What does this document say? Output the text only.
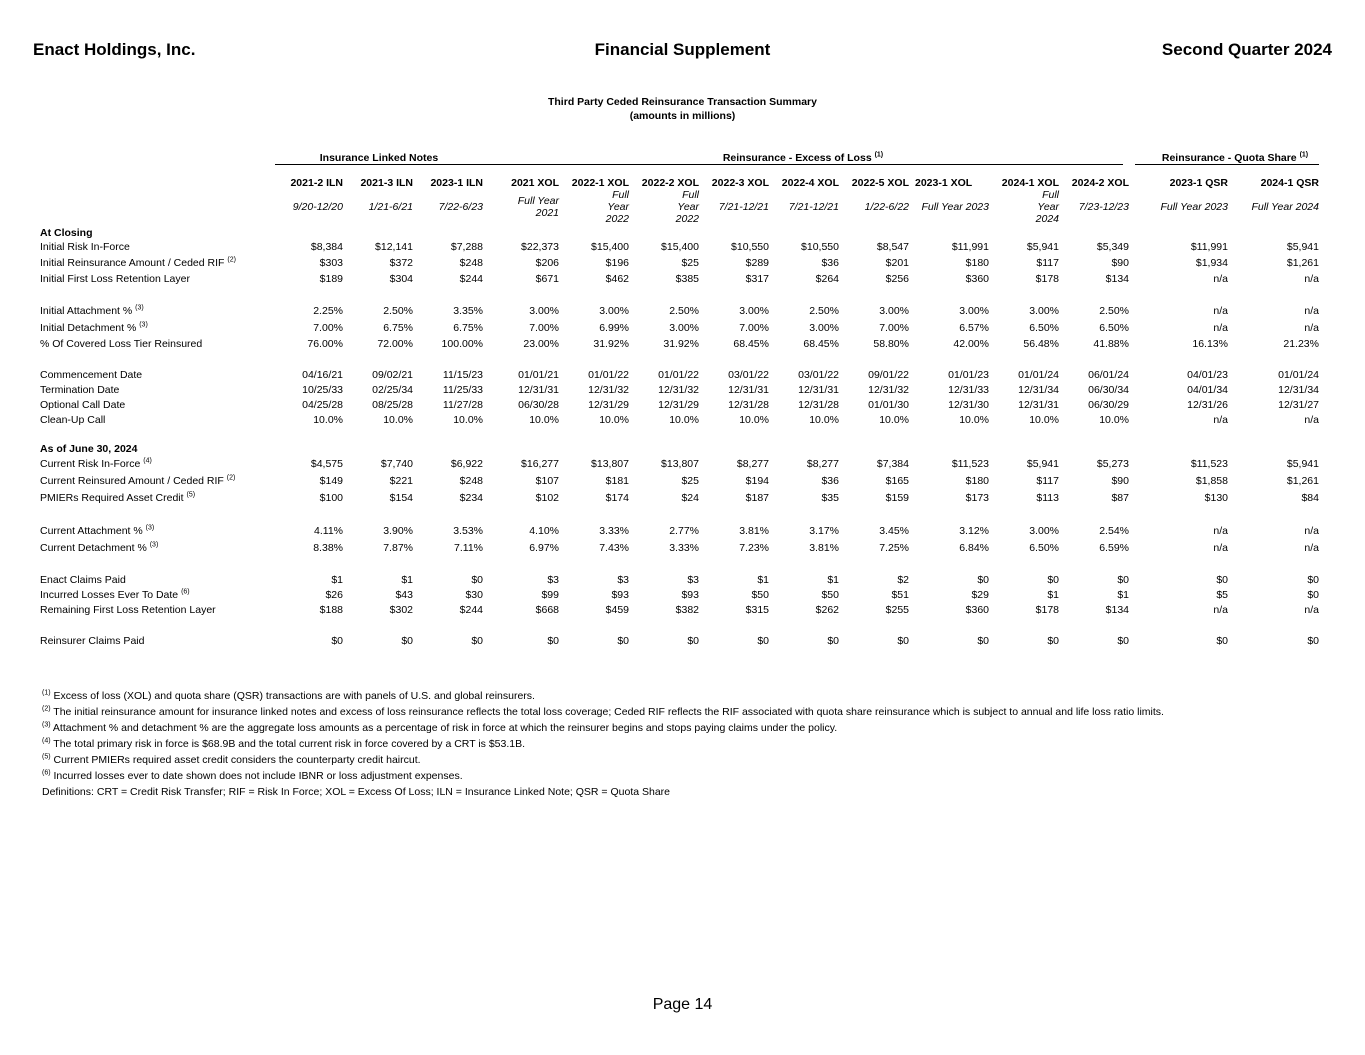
Financial Supplement
Enact Holdings, Inc.	Second Quarter 2024
Third Party Ceded Reinsurance Transaction Summary
(amounts in millions)
	Insurance Linked Notes			Reinsurance - Excess of Loss $^{(1)}$									Reinsurance - Quota Share $^{(1)}$
	2021-2 ILN	2021-3 ILN	2023-1 ILN	2021 XOL	2022-1 XOL	2022-2 XOL	2022-3 XOL	2022-4 XOL	2022-5 XOL	2023-1 XOL	2024-1 XOL	2024-2 XOL	2023-1 QSR	2024-1 QSR
	9/20-12/20	1/21-6/21	7/22-6/23	Full Year 2021	Full Year 2022	Full Year 2022	7/21-12/21	7/21-12/21	1/22-6/22	Full Year 2023	Full Year 2024	7/23-12/23	Full Year 2023	Full Year 2024
At Closing														
Initial Risk In-Force	$8,384	$12,141	$7,288	$22,373	$15,400	$15,400	$10,550	$10,550	$8,547	$11,991	$5,941	$5,349	$11,991	$5,941
Initial Reinsurance Amount / Ceded RIF $^{(2)}$	$303	$372	$248	$206	$196	$25	$289	$36	$201	$180	$117	$90	$1,934	$1,261
Initial First Loss Retention Layer	$189	$304	$244	$671	$462	$385	$317	$264	$256	$360	$178	$134	n/a	n/a

Initial Attachment % $^{(3)}$	2.25%	2.50%	3.35%	3.00%	3.00%	2.50%	3.00%	2.50%	3.00%	3.00%	3.00%	2.50%	n/a	n/a
Initial Detachment % $^{(3)}$	7.00%	6.75%	6.75%	7.00%	6.99%	3.00%	7.00%	3.00%	7.00%	6.57%	6.50%	6.50%	n/a	n/a
% Of Covered Loss Tier Reinsured	76.00%	72.00%	100.00%	23.00%	31.92%	31.92%	68.45%	68.45%	58.80%	42.00%	56.48%	41.88%	16.13%	21.23%

Commencement Date	04/16/21	09/02/21	11/15/23	01/01/21	01/01/22	01/01/22	03/01/22	03/01/22	09/01/22	01/01/23	01/01/24	06/01/24	04/01/23	01/01/24
Termination Date	10/25/33	02/25/34	11/25/33	12/31/31	12/31/32	12/31/32	12/31/31	12/31/31	12/31/32	12/31/33	12/31/34	06/30/34	04/01/34	12/31/34
Optional Call Date	04/25/28	08/25/28	11/27/28	06/30/28	12/31/29	12/31/29	12/31/28	12/31/28	01/01/30	12/31/30	12/31/31	06/30/29	12/31/26	12/31/27
Clean-Up Call	10.0%	10.0%	10.0%	10.0%	10.0%	10.0%	10.0%	10.0%	10.0%	10.0%	10.0%	10.0%	n/a	n/a

As of June 30, 2024														
Current Risk In-Force $^{(4)}$	$4,575	$7,740	$6,922	$16,277	$13,807	$13,807	$8,277	$8,277	$7,384	$11,523	$5,941	$5,273	$11,523	$5,941
Current Reinsured Amount / Ceded RIF $^{(2)}$	$149	$221	$248	$107	$181	$25	$194	$36	$165	$180	$117	$90	$1,858	$1,261
PMIERs Required Asset Credit $^{(5)}$	$100	$154	$234	$102	$174	$24	$187	$35	$159	$173	$113	$87	$130	$84

Current Attachment % $^{(3)}$	4.11%	3.90%	3.53%	4.10%	3.33%	2.77%	3.81%	3.17%	3.45%	3.12%	3.00%	2.54%	n/a	n/a
Current Detachment % $^{(3)}$	8.38%	7.87%	7.11%	6.97%	7.43%	3.33%	7.23%	3.81%	7.25%	6.84%	6.50%	6.59%	n/a	n/a

Enact Claims Paid	$1	$1	$0	$3	$3	$3	$1	$1	$2	$0	$0	$0	$0	$0
Incurred Losses Ever To Date $^{(6)}$	$26	$43	$30	$99	$93	$93	$50	$50	$51	$29	$1	$1	$5	$0
Remaining First Loss Retention Layer	$188	$302	$244	$668	$459	$382	$315	$262	$255	$360	$178	$134	n/a	n/a

Reinsurer Claims Paid	$0	$0	$0	$0	$0	$0	$0	$0	$0	$0	$0	$0	$0	$0
$^{(1)}$ Excess of loss (XOL) and quota share (QSR) transactions are with panels of U.S. and global reinsurers.
$^{(2)}$ The initial reinsurance amount for insurance linked notes and excess of loss reinsurance reflects the total loss coverage; Ceded RIF reflects the RIF associated with quota share reinsurance which is subject to annual and life loss ratio limits.
$^{(3)}$ Attachment % and detachment % are the aggregate loss amounts as a percentage of risk in force at which the reinsurer begins and stops paying claims under the policy.
$^{(4)}$ The total primary risk in force is $68.9B and the total current risk in force covered by a CRT is $53.1B.
$^{(5)}$ Current PMIERs required asset credit considers the counterparty credit haircut.
$^{(6)}$ Incurred losses ever to date shown does not include IBNR or loss adjustment expenses.
Definitions: CRT = Credit Risk Transfer; RIF = Risk In Force; XOL = Excess Of Loss; ILN = Insurance Linked Note; QSR = Quota Share
Page 14
